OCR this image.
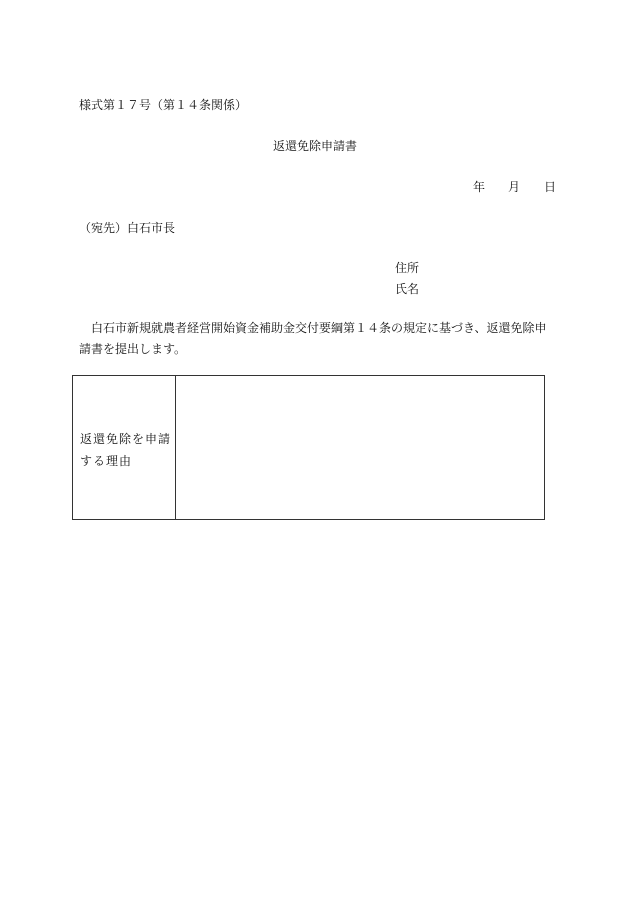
様式第１７号（第１４条関係）
返還免除申請書
年 月 日
（宛先）白石市長
住所
氏名
白石市新規就農者経営開始資金補助金交付要綱第１４条の規定に基づき、返還免除申請書を提出します。
返還免除を申請する理由
